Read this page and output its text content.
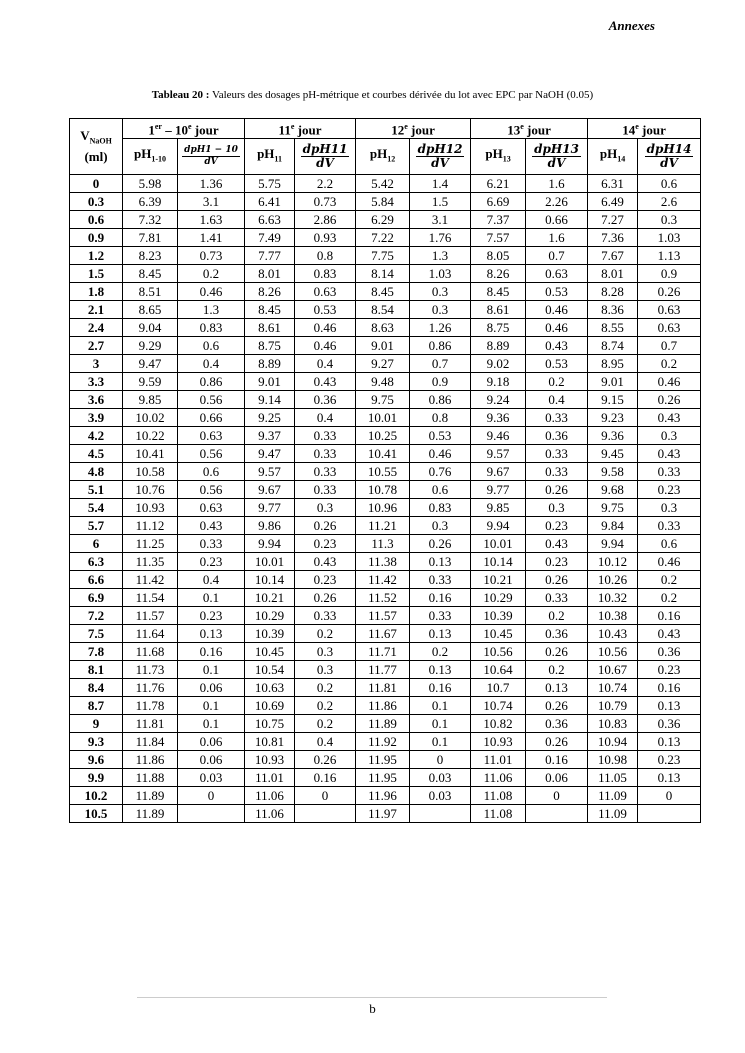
Annexes
Tableau 20 : Valeurs des dosages pH-métrique et courbes dérivée du lot avec EPC par NaOH (0.05)
$V_{NaOH}$
(ml)	1er – 10e jour		11e jour		12e jour		13e jour		14e jour	
	$pH_{1-10}$	$\frac{\text{dpH1 − 10}}{dV}$	$pH_{11}$	$\frac{\text{dpH11}}{dV}$	$pH_{12}$	$\frac{\text{dpH12}}{dV}$	$pH_{13}$	$\frac{\text{dpH13}}{dV}$	$pH_{14}$	$\frac{\text{dpH14}}{dV}$

0	5.98	1.36	5.75	2.2	5.42	1.4	6.21	1.6	6.31	0.6
0.3	6.39	3.1	6.41	0.73	5.84	1.5	6.69	2.26	6.49	2.6
0.6	7.32	1.63	6.63	2.86	6.29	3.1	7.37	0.66	7.27	0.3
0.9	7.81	1.41	7.49	0.93	7.22	1.76	7.57	1.6	7.36	1.03
1.2	8.23	0.73	7.77	0.8	7.75	1.3	8.05	0.7	7.67	1.13
1.5	8.45	0.2	8.01	0.83	8.14	1.03	8.26	0.63	8.01	0.9
1.8	8.51	0.46	8.26	0.63	8.45	0.3	8.45	0.53	8.28	0.26
2.1	8.65	1.3	8.45	0.53	8.54	0.3	8.61	0.46	8.36	0.63
2.4	9.04	0.83	8.61	0.46	8.63	1.26	8.75	0.46	8.55	0.63
2.7	9.29	0.6	8.75	0.46	9.01	0.86	8.89	0.43	8.74	0.7
3	9.47	0.4	8.89	0.4	9.27	0.7	9.02	0.53	8.95	0.2
3.3	9.59	0.86	9.01	0.43	9.48	0.9	9.18	0.2	9.01	0.46
3.6	9.85	0.56	9.14	0.36	9.75	0.86	9.24	0.4	9.15	0.26
3.9	10.02	0.66	9.25	0.4	10.01	0.8	9.36	0.33	9.23	0.43
4.2	10.22	0.63	9.37	0.33	10.25	0.53	9.46	0.36	9.36	0.3
4.5	10.41	0.56	9.47	0.33	10.41	0.46	9.57	0.33	9.45	0.43
4.8	10.58	0.6	9.57	0.33	10.55	0.76	9.67	0.33	9.58	0.33
5.1	10.76	0.56	9.67	0.33	10.78	0.6	9.77	0.26	9.68	0.23
5.4	10.93	0.63	9.77	0.3	10.96	0.83	9.85	0.3	9.75	0.3
5.7	11.12	0.43	9.86	0.26	11.21	0.3	9.94	0.23	9.84	0.33
6	11.25	0.33	9.94	0.23	11.3	0.26	10.01	0.43	9.94	0.6
6.3	11.35	0.23	10.01	0.43	11.38	0.13	10.14	0.23	10.12	0.46
6.6	11.42	0.4	10.14	0.23	11.42	0.33	10.21	0.26	10.26	0.2
6.9	11.54	0.1	10.21	0.26	11.52	0.16	10.29	0.33	10.32	0.2
7.2	11.57	0.23	10.29	0.33	11.57	0.33	10.39	0.2	10.38	0.16
7.5	11.64	0.13	10.39	0.2	11.67	0.13	10.45	0.36	10.43	0.43
7.8	11.68	0.16	10.45	0.3	11.71	0.2	10.56	0.26	10.56	0.36
8.1	11.73	0.1	10.54	0.3	11.77	0.13	10.64	0.2	10.67	0.23
8.4	11.76	0.06	10.63	0.2	11.81	0.16	10.7	0.13	10.74	0.16
8.7	11.78	0.1	10.69	0.2	11.86	0.1	10.74	0.26	10.79	0.13
9	11.81	0.1	10.75	0.2	11.89	0.1	10.82	0.36	10.83	0.36
9.3	11.84	0.06	10.81	0.4	11.92	0.1	10.93	0.26	10.94	0.13
9.6	11.86	0.06	10.93	0.26	11.95	0	11.01	0.16	10.98	0.23
9.9	11.88	0.03	11.01	0.16	11.95	0.03	11.06	0.06	11.05	0.13
10.2	11.89	0	11.06	0	11.96	0.03	11.08	0	11.09	0
10.5	11.89		11.06		11.97		11.08		11.09	
b
